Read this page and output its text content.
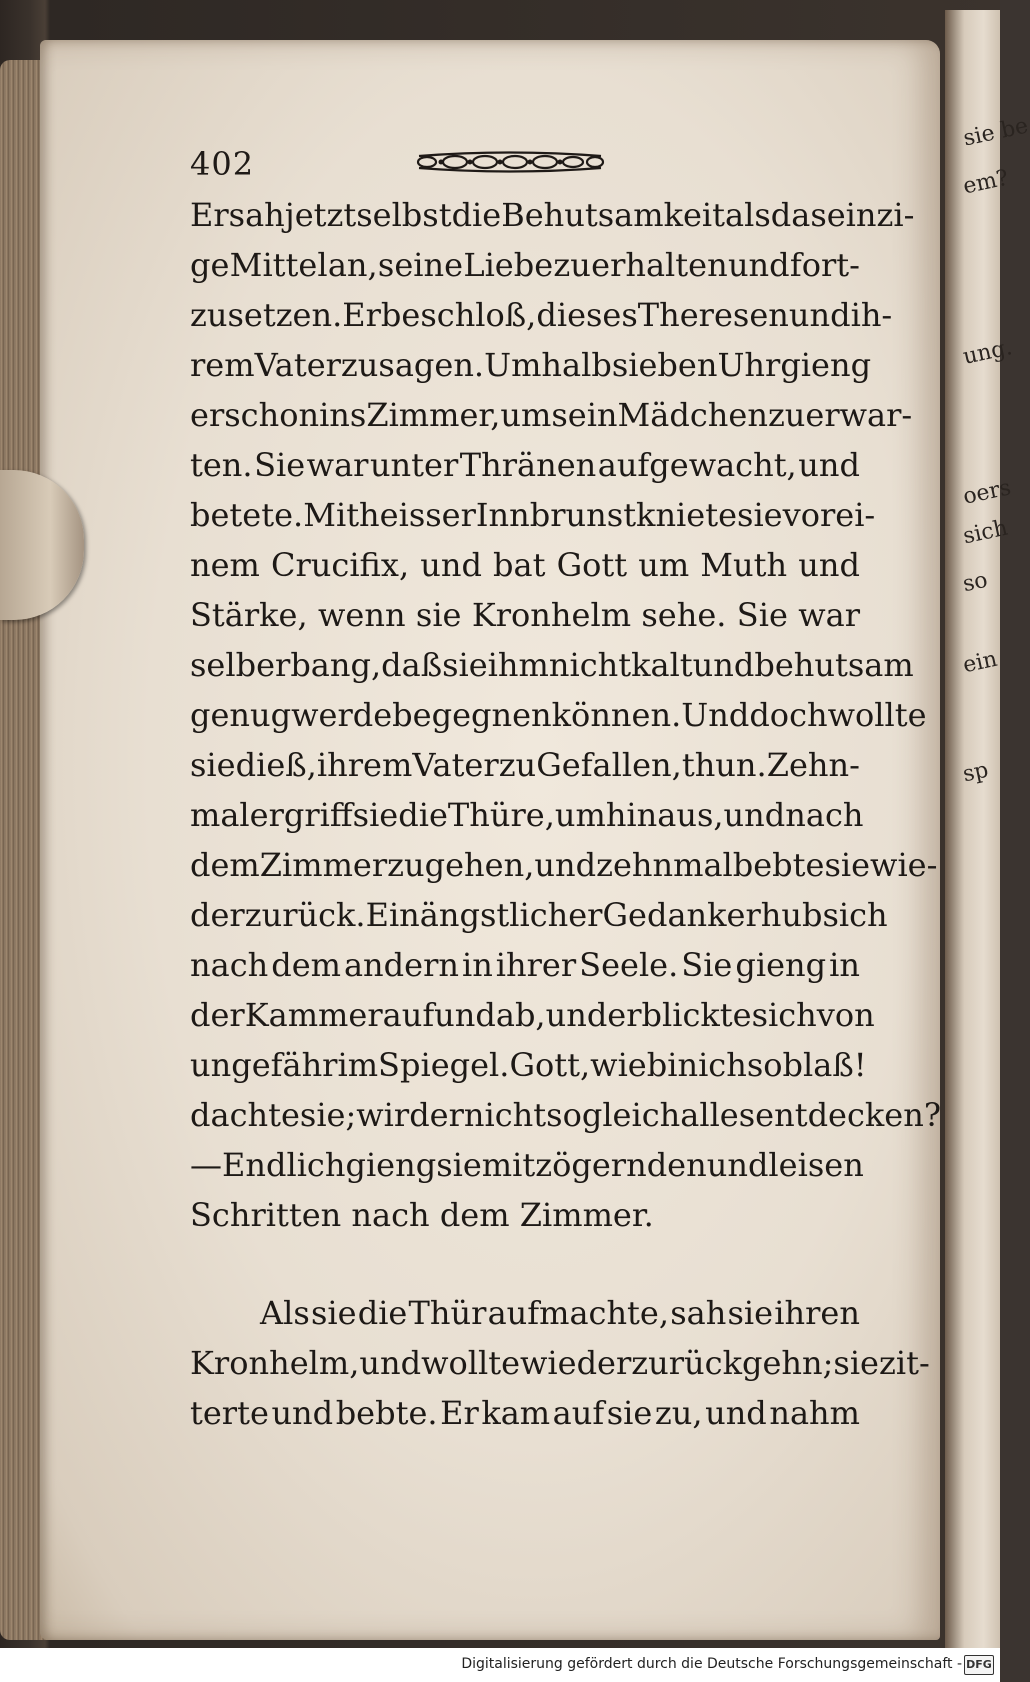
sie be
em?
ung.
oers
sich
so
ein
sp
402
Er sah jetzt selbst die Behutsamkeit als das einzi-
ge Mittel an, seine Liebe zu erhalten und fort-
zusetzen. Er beschloß, dieses Theresen und ih-
rem Vater zu sagen. Um halb sieben Uhr gieng
er schon ins Zimmer, um sein Mädchen zu erwar-
ten. Sie war unter Thränen aufgewacht, und
betete. Mit heisser Innbrunst kniete sie vor ei-
nem Crucifix, und bat Gott um Muth und
Stärke, wenn sie Kronhelm sehe. Sie war
selber bang, daß sie ihm nicht kalt und behutsam
genug werde begegnen können. Und doch wollte
sie dieß, ihrem Vater zu Gefallen, thun. Zehn-
mal ergriff sie die Thüre, um hinaus, und nach
dem Zimmer zu gehen, und zehnmal bebte sie wie-
der zurück. Ein ängstlicher Gedank erhub sich
nach dem andern in ihrer Seele. Sie gieng in
der Kammer auf und ab, und erblickte sich von
ungefähr im Spiegel. Gott, wie bin ich so blaß!
dachte sie; wird er nicht sogleich alles entdecken?
— Endlich gieng sie mit zögernden und leisen
Schritten nach dem Zimmer.
Als sie die Thür aufmachte, sah sie ihren
Kronhelm, und wollte wieder zurückgehn; sie zit-
terte und bebte. Er kam auf sie zu, und nahm
Digitalisierung gefördert durch die Deutsche Forschungsgemeinschaft - DFG
